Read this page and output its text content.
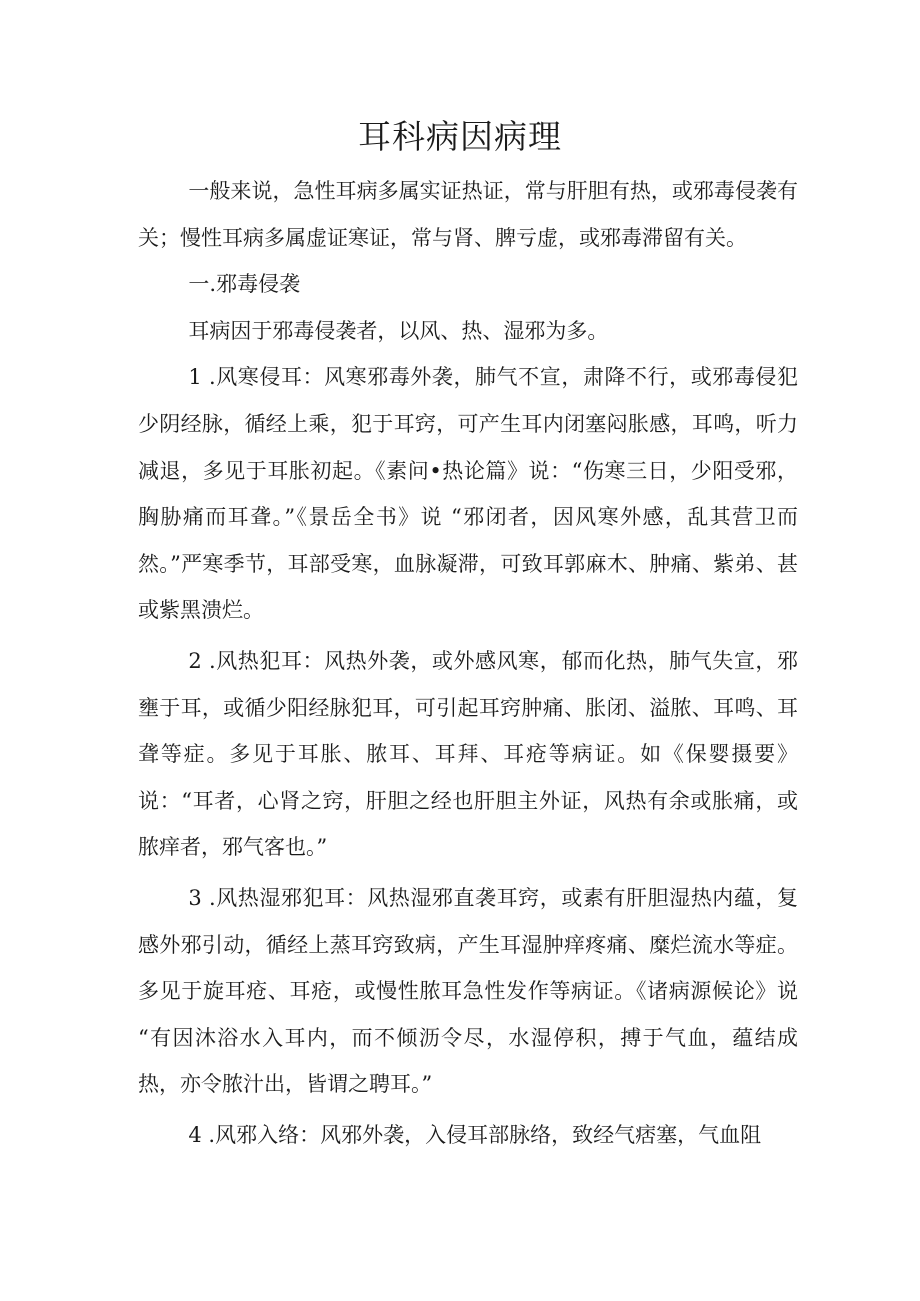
耳科病因病理

一般来说，急性耳病多属实证热证，常与肝胆有热，或邪毒侵袭有关；慢性耳病多属虚证寒证，常与肾、脾亏虚，或邪毒滞留有关。

一.邪毒侵袭

耳病因于邪毒侵袭者，以风、热、湿邪为多。

1 .风寒侵耳：风寒邪毒外袭，肺气不宣，肃降不行，或邪毒侵犯少阴经脉，循经上乘，犯于耳窍，可产生耳内闭塞闷胀感，耳鸣，听力减退，多见于耳胀初起。《素问•热论篇》说：“伤寒三日，少阳受邪，胸胁痛而耳聋。”《景岳全书》说 “邪闭者，因风寒外感，乱其营卫而然。”严寒季节，耳部受寒，血脉凝滞，可致耳郭麻木、肿痛、紫弟、甚或紫黑溃烂。

2 .风热犯耳：风热外袭，或外感风寒，郁而化热，肺气失宣，邪壅于耳，或循少阳经脉犯耳，可引起耳窍肿痛、胀闭、溢脓、耳鸣、耳聋等症。多见于耳胀、脓耳、耳拜、耳疮等病证。如《保婴摄要》说：“耳者，心肾之窍，肝胆之经也肝胆主外证，风热有余或胀痛，或脓痒者，邪气客也。”

3 .风热湿邪犯耳：风热湿邪直袭耳窍，或素有肝胆湿热内蕴，复感外邪引动，循经上蒸耳窍致病，产生耳湿肿痒疼痛、糜烂流水等症。多见于旋耳疮、耳疮，或慢性脓耳急性发作等病证。《诸病源候论》说 “有因沐浴水入耳内，而不倾沥令尽，水湿停积，搏于气血，蕴结成热，亦令脓汁出，皆谓之聘耳。”

4 .风邪入络：风邪外袭，入侵耳部脉络，致经气痞塞，气血阻
